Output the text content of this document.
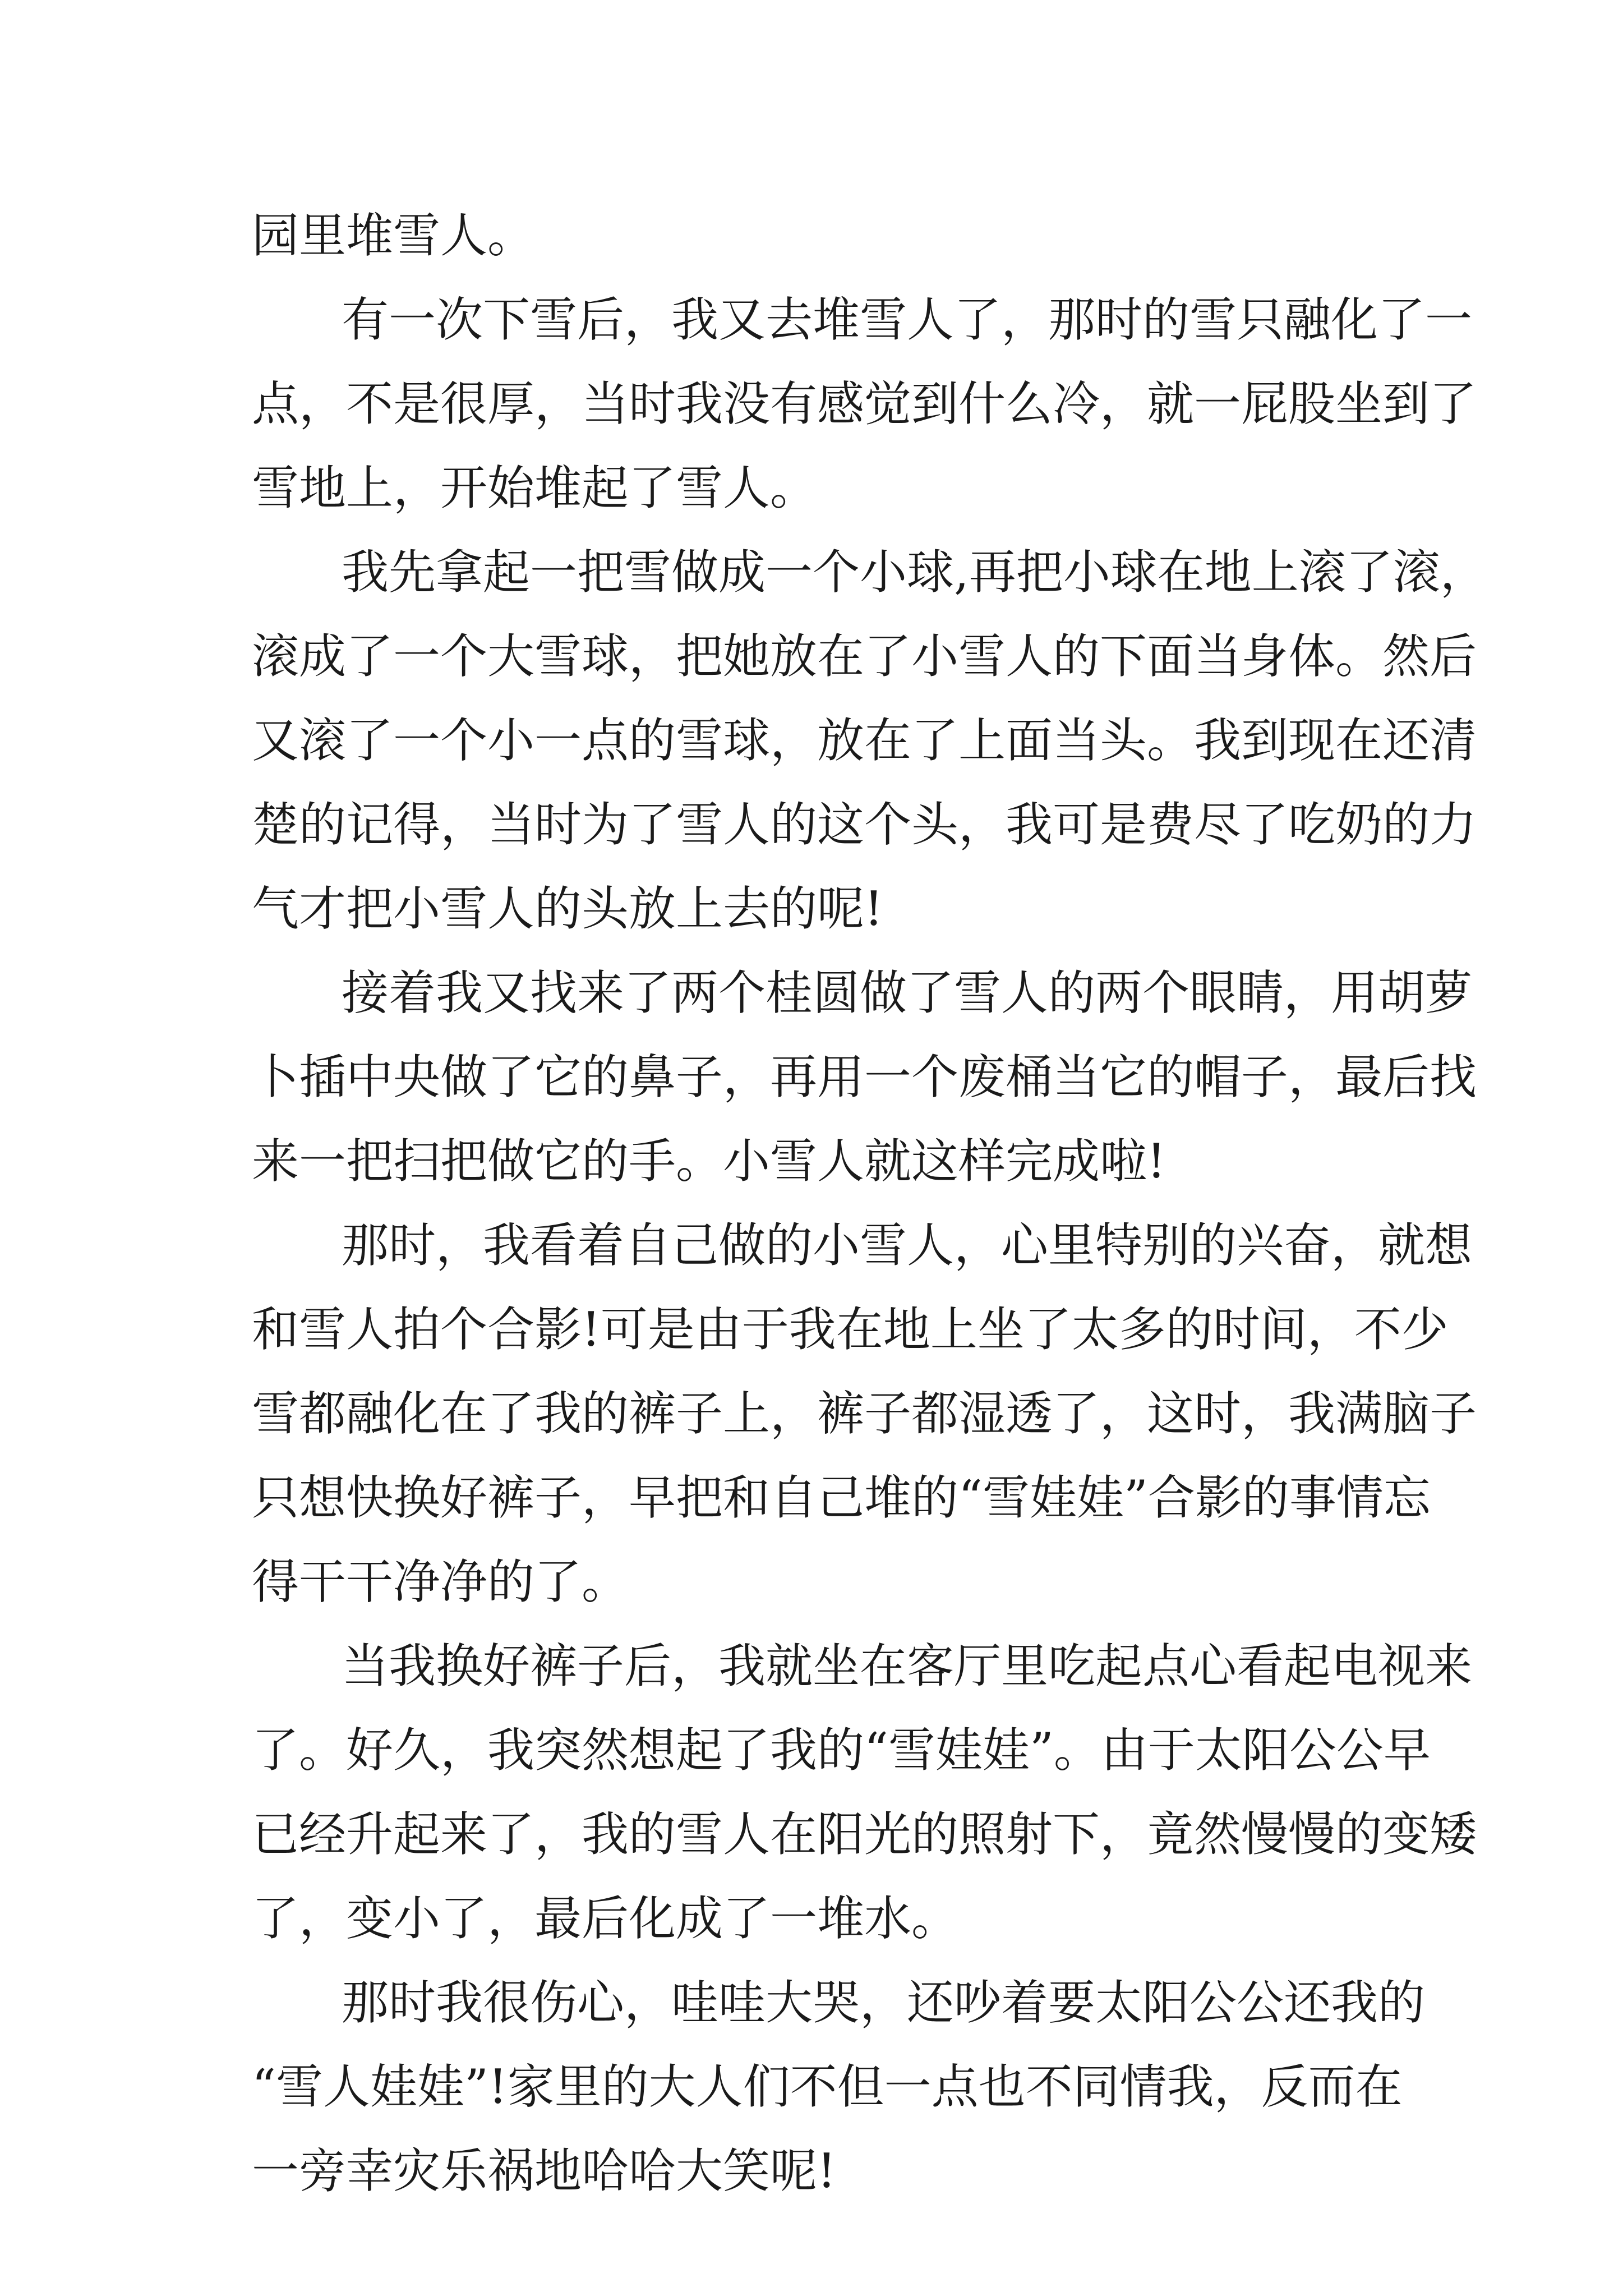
园里堆雪人。
有一次下雪后，我又去堆雪人了，那时的雪只融化了一
点，不是很厚，当时我没有感觉到什么冷，就一屁股坐到了
雪地上，开始堆起了雪人。
我先拿起一把雪做成一个小球,再把小球在地上滚了滚，
滚成了一个大雪球，把她放在了小雪人的下面当身体。然后
又滚了一个小一点的雪球，放在了上面当头。我到现在还清
楚的记得，当时为了雪人的这个头，我可是费尽了吃奶的力
气才把小雪人的头放上去的呢!
接着我又找来了两个桂圆做了雪人的两个眼睛，用胡萝
卜插中央做了它的鼻子，再用一个废桶当它的帽子，最后找
来一把扫把做它的手。小雪人就这样完成啦!
那时，我看着自己做的小雪人，心里特别的兴奋，就想
和雪人拍个合影!可是由于我在地上坐了太多的时间，不少
雪都融化在了我的裤子上，裤子都湿透了，这时，我满脑子
只想快换好裤子，早把和自己堆的“雪娃娃”合影的事情忘
得干干净净的了。
当我换好裤子后，我就坐在客厅里吃起点心看起电视来
了。好久，我突然想起了我的“雪娃娃”。由于太阳公公早
已经升起来了，我的雪人在阳光的照射下，竟然慢慢的变矮
了，变小了，最后化成了一堆水。
那时我很伤心，哇哇大哭，还吵着要太阳公公还我的
“雪人娃娃”!家里的大人们不但一点也不同情我，反而在
一旁幸灾乐祸地哈哈大笑呢!
